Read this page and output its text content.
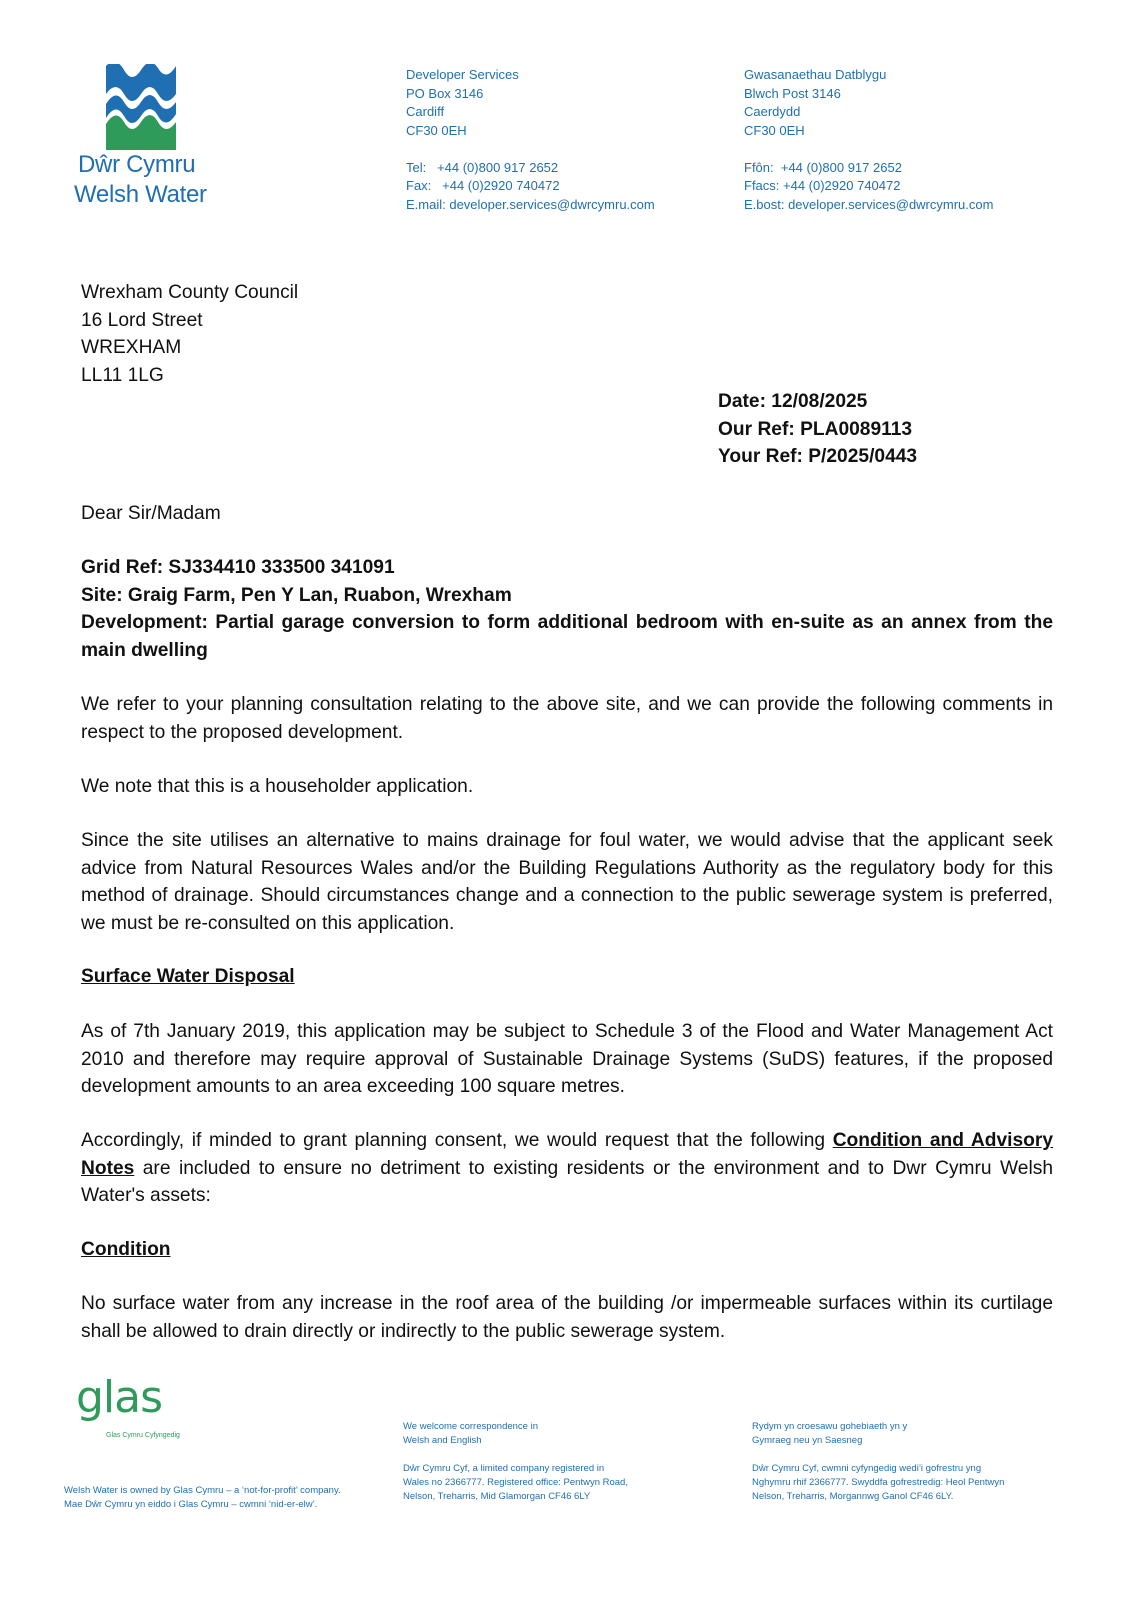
Dŵr Cymru
Welsh Water
Developer Services
PO Box 3146
Cardiff
CF30 0EH
Tel:   +44 (0)800 917 2652
Fax:   +44 (0)2920 740472
E.mail: developer.services@dwrcymru.com
Gwasanaethau Datblygu
Blwch Post 3146
Caerdydd
CF30 0EH
Ffôn:  +44 (0)800 917 2652
Ffacs: +44 (0)2920 740472
E.bost: developer.services@dwrcymru.com
Wrexham County Council
16 Lord Street
WREXHAM
LL11 1LG
Date: 12/08/2025
Our Ref: PLA0089113
Your Ref: P/2025/0443
Dear Sir/Madam
Grid Ref: SJ334410 333500 341091
Site: Graig Farm, Pen Y Lan, Ruabon, Wrexham
Development: Partial garage conversion to form additional bedroom with en-suite as an annex from the main dwelling
We refer to your planning consultation relating to the above site, and we can provide the following comments in respect to the proposed development.
We note that this is a householder application.
Since the site utilises an alternative to mains drainage for foul water, we would advise that the applicant seek advice from Natural Resources Wales and/or the Building Regulations Authority as the regulatory body for this method of drainage. Should circumstances change and a connection to the public sewerage system is preferred, we must be re-consulted on this application.
Surface Water Disposal
As of 7th January 2019, this application may be subject to Schedule 3 of the Flood and Water Management Act 2010 and therefore may require approval of Sustainable Drainage Systems (SuDS) features, if the proposed development amounts to an area exceeding 100 square metres.
Accordingly, if minded to grant planning consent, we would request that the following Condition and Advisory Notes are included to ensure no detriment to existing residents or the environment and to Dwr Cymru Welsh Water's assets:
Condition
No surface water from any increase in the roof area of the building /or impermeable surfaces within its curtilage shall be allowed to drain directly or indirectly to the public sewerage system.
glas
Glas Cymru Cyfyngedig
Welsh Water is owned by Glas Cymru – a ‘not-for-profit’ company.
Mae Dŵr Cymru yn eiddo i Glas Cymru – cwmni ‘nid-er-elw’.
We welcome correspondence in
Welsh and English
Dŵr Cymru Cyf, a limited company registered in
Wales no 2366777. Registered office: Pentwyn Road,
Nelson, Treharris, Mid Glamorgan CF46 6LY
Rydym yn croesawu gohebiaeth yn y
Gymraeg neu yn Saesneg
Dŵr Cymru Cyf, cwmni cyfyngedig wedi’i gofrestru yng
Nghymru rhif 2366777. Swyddfa gofrestredig: Heol Pentwyn
Nelson, Treharris, Morgannwg Ganol CF46 6LY.
